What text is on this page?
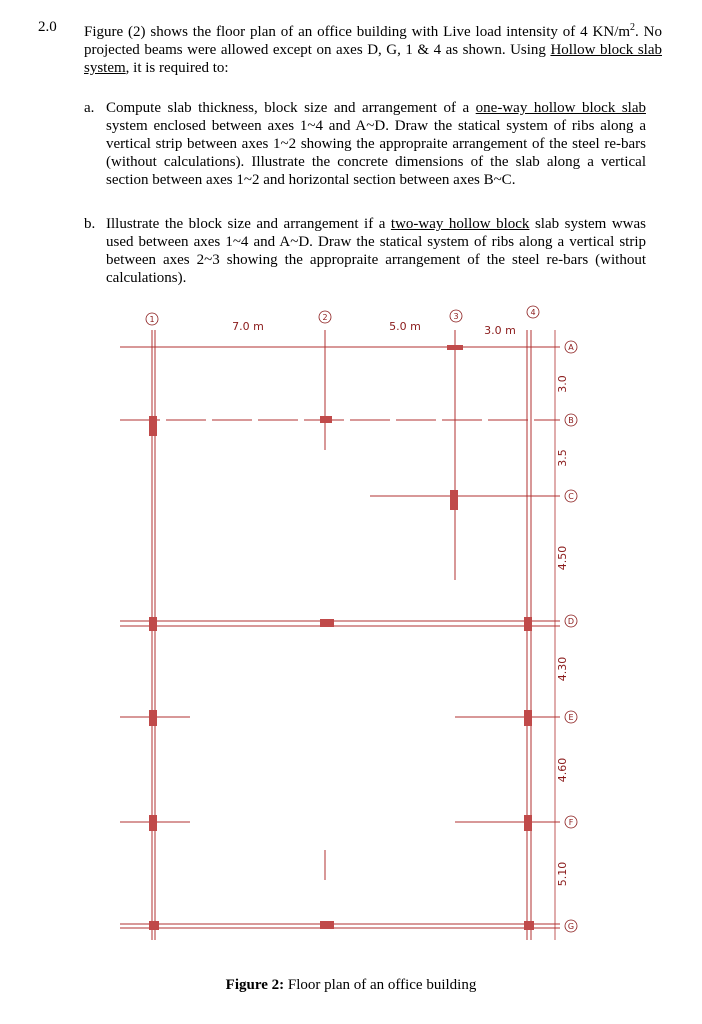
2.0 Figure (2) shows the floor plan of an office building with Live load intensity of 4 $KN/m^2$. No projected beams were allowed except on axes D, G, 1 & 4 as shown. Using Hollow block slab system, it is required to:
a. Compute slab thickness, block size and arrangement of a one-way hollow block slab system enclosed between axes 1~4 and A~D. Draw the statical system of ribs along a vertical strip between axes 1~2 showing the appropraite arrangement of the steel re-bars (without calculations). Illustrate the concrete dimensions of the slab along a vertical section between axes 1~2 and horizontal section between axes B~C.
b. Illustrate the block size and arrangement if a two-way hollow block slab system wwas used between axes 1~4 and A~D. Draw the statical system of ribs along a vertical strip between axes 2~3 showing the appropraite arrangement of the steel re-bars (without calculations).
1	2	3	4
7.0 m	5.0 m	3.0 m
A
B
C
D
E
F
G
3.0
3.5
4.50
4.30
4.60
5.10
Figure 2: Floor plan of an office building
